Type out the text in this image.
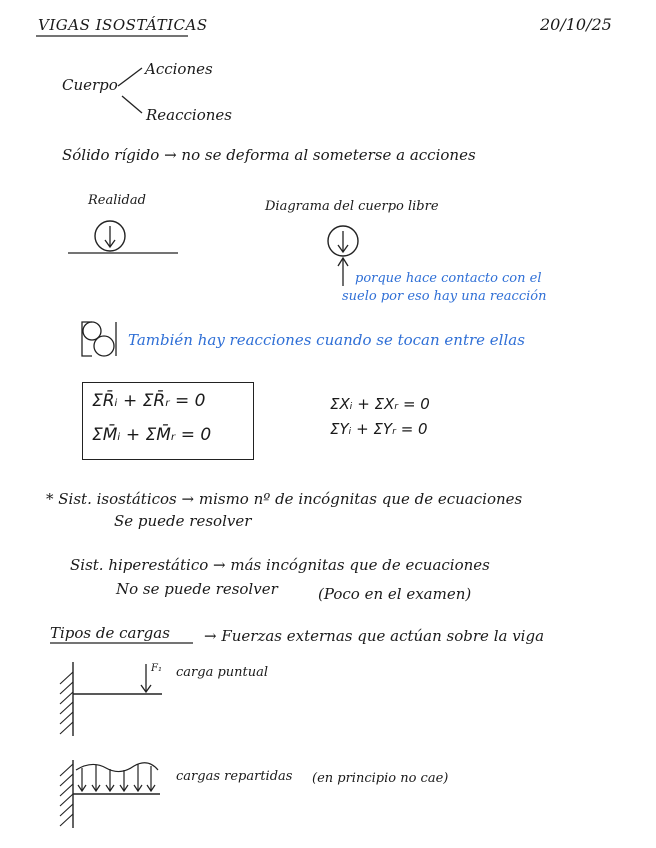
VIGAS ISOSTÁTICAS	20/10/25
Cuerpo
Acciones
Reacciones
Sólido rígido → no se deforma al someterse a acciones
Realidad	Diagrama del cuerpo libre
porque hace contacto con el
suelo por eso hay una reacción
También hay reacciones cuando se tocan entre ellas
ΣR̄ᵢ + ΣR̄ᵣ = 0
ΣM̄ᵢ + ΣM̄ᵣ = 0
ΣXᵢ + ΣXᵣ = 0
ΣYᵢ + ΣYᵣ = 0
* Sist. isostáticos → mismo nº de incógnitas que de ecuaciones
Se puede resolver
Sist. hiperestático → más incógnitas que de ecuaciones
No se puede resolver	(Poco en el examen)
Tipos de cargas → Fuerzas externas que actúan sobre la viga
F₁ carga puntual
cargas repartidas (en principio no cae)
